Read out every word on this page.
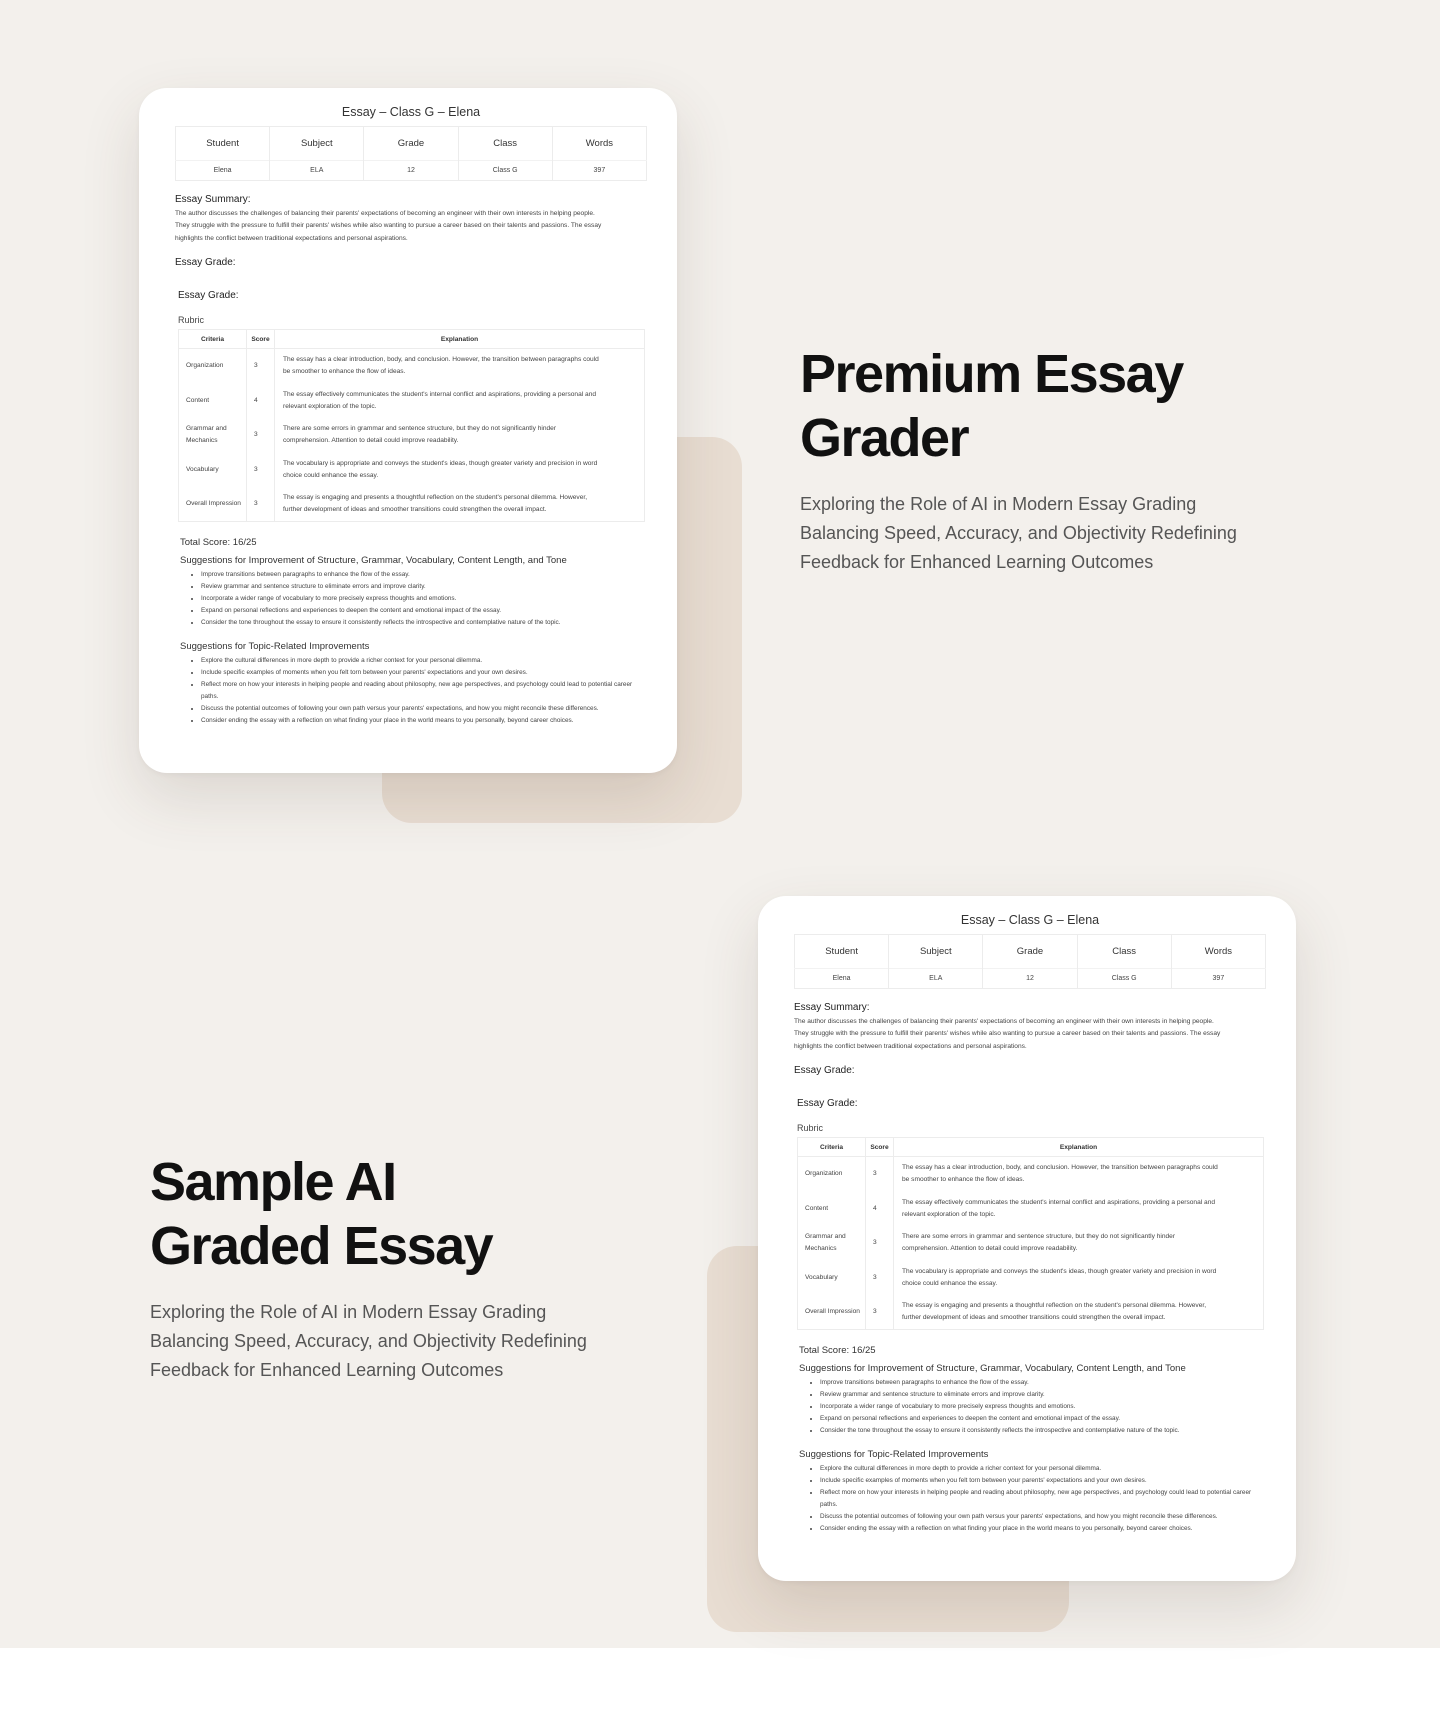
Essay – Class G – Elena
Student	Subject	Grade	Class	Words
Elena	ELA	12	Class G	397
Essay Summary:
The author discusses the challenges of balancing their parents' expectations of becoming an engineer with their own interests in helping people.
They struggle with the pressure to fulfill their parents' wishes while also wanting to pursue a career based on their talents and passions. The essay
highlights the conflict between traditional expectations and personal aspirations.
Essay Grade:
Essay Grade:
Rubric
Criteria	Score	Explanation
Organization	3	The essay has a clear introduction, body, and conclusion. However, the transition between paragraphs could
be smoother to enhance the flow of ideas.

Content	4	The essay effectively communicates the student's internal conflict and aspirations, providing a personal and
relevant exploration of the topic.

Grammar and Mechanics	3	There are some errors in grammar and sentence structure, but they do not significantly hinder
comprehension. Attention to detail could improve readability.

Vocabulary	3	The vocabulary is appropriate and conveys the student's ideas, though greater variety and precision in word
choice could enhance the essay.

Overall Impression	3	The essay is engaging and presents a thoughtful reflection on the student's personal dilemma. However,
further development of ideas and smoother transitions could strengthen the overall impact.
Total Score: 16/25
Suggestions for Improvement of Structure, Grammar, Vocabulary, Content Length, and Tone
• Improve transitions between paragraphs to enhance the flow of the essay.
• Review grammar and sentence structure to eliminate errors and improve clarity.
• Incorporate a wider range of vocabulary to more precisely express thoughts and emotions.
• Expand on personal reflections and experiences to deepen the content and emotional impact of the essay.
• Consider the tone throughout the essay to ensure it consistently reflects the introspective and contemplative nature of the topic.
Suggestions for Topic-Related Improvements
• Explore the cultural differences in more depth to provide a richer context for your personal dilemma.
• Include specific examples of moments when you felt torn between your parents' expectations and your own desires.
• Reflect more on how your interests in helping people and reading about philosophy, new age perspectives, and psychology could lead to potential career paths.
• Discuss the potential outcomes of following your own path versus your parents' expectations, and how you might reconcile these differences.
• Consider ending the essay with a reflection on what finding your place in the world means to you personally, beyond career choices.
Essay – Class G – Elena
Student	Subject	Grade	Class	Words
Elena	ELA	12	Class G	397
Essay Summary:
The author discusses the challenges of balancing their parents' expectations of becoming an engineer with their own interests in helping people.
They struggle with the pressure to fulfill their parents' wishes while also wanting to pursue a career based on their talents and passions. The essay
highlights the conflict between traditional expectations and personal aspirations.
Essay Grade:
Essay Grade:
Rubric
Criteria	Score	Explanation
Organization	3	The essay has a clear introduction, body, and conclusion. However, the transition between paragraphs could
be smoother to enhance the flow of ideas.

Content	4	The essay effectively communicates the student's internal conflict and aspirations, providing a personal and
relevant exploration of the topic.

Grammar and Mechanics	3	There are some errors in grammar and sentence structure, but they do not significantly hinder
comprehension. Attention to detail could improve readability.

Vocabulary	3	The vocabulary is appropriate and conveys the student's ideas, though greater variety and precision in word
choice could enhance the essay.

Overall Impression	3	The essay is engaging and presents a thoughtful reflection on the student's personal dilemma. However,
further development of ideas and smoother transitions could strengthen the overall impact.
Total Score: 16/25
Suggestions for Improvement of Structure, Grammar, Vocabulary, Content Length, and Tone
• Improve transitions between paragraphs to enhance the flow of the essay.
• Review grammar and sentence structure to eliminate errors and improve clarity.
• Incorporate a wider range of vocabulary to more precisely express thoughts and emotions.
• Expand on personal reflections and experiences to deepen the content and emotional impact of the essay.
• Consider the tone throughout the essay to ensure it consistently reflects the introspective and contemplative nature of the topic.
Suggestions for Topic-Related Improvements
• Explore the cultural differences in more depth to provide a richer context for your personal dilemma.
• Include specific examples of moments when you felt torn between your parents' expectations and your own desires.
• Reflect more on how your interests in helping people and reading about philosophy, new age perspectives, and psychology could lead to potential career paths.
• Discuss the potential outcomes of following your own path versus your parents' expectations, and how you might reconcile these differences.
• Consider ending the essay with a reflection on what finding your place in the world means to you personally, beyond career choices.
Premium Essay
Grader
Exploring the Role of AI in Modern Essay Grading
Balancing Speed, Accuracy, and Objectivity Redefining
Feedback for Enhanced Learning Outcomes
Sample AI
Graded Essay
Exploring the Role of AI in Modern Essay Grading
Balancing Speed, Accuracy, and Objectivity Redefining
Feedback for Enhanced Learning Outcomes
